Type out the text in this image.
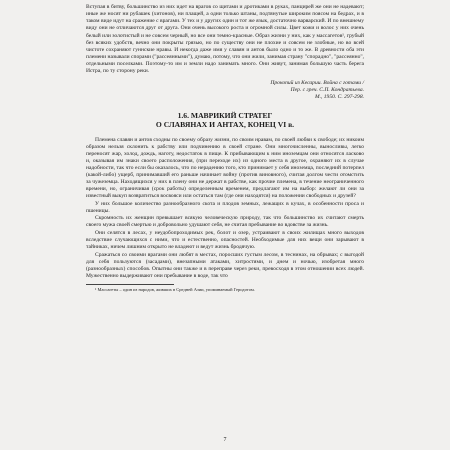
Вступая в битву, большинство из них идет на врагов со щитами и дротиками в руках, панцирей же они не надевают; иные же носят ни рубашек (хитонов), ни плащей, а одни только штаны, подтянутые широким поясом на бедрах, и в таком виде идут на сражение с врагами. У тех и у других один и тот же язык, достаточно варварский. И по внешнему виду они не отличаются друг от друга. Они очень высокого роста и огромной силы. Цвет кожи и волос у них очень белый или золотистый и не совсем черный, но все они темно-красные. Образ жизни у них, как у массагетов¹, грубый без всяких удобств, вечно они покрыты грязью, но по существу они не плохие и совсем не злобные, но во всей чистоте сохраняют гуннские нравы. И некогда даже имя у славян и антов было одно и то же. В древности оба эти племени называли спорами ("рассеянными"), думаю, потому, что они жили, занимая страну "спорадно", "рассеянно", отдельными поселками. Поэтому-то им и земли надо занимать много. Они живут, занимая большую часть берега Истра, по ту сторону реки.

Прокопий из Кесарии. Война с готами /
Пер. с греч. С.П. Кондратьева.
М., 1950. С. 297-298.
1.6. МАВРИКИЙ СТРАТЕГ
О СЛАВЯНАХ И АНТАХ, КОНЕЦ VI в.

Племена славян и антов сходны по своему образу жизни, по своим нравам, по своей любви к свободе; их никоим образом нельзя склонить к рабству или подчинению в своей стране. Они многочисленны, выносливы, легко переносят жар, холод, дождь, наготу, недостаток в пище. К прибывающим к ним иноземцам они относятся ласково и, оказывая им знаки своего расположения, (при переходе их) из одного места в другое, охраняют их в случае надобности, так что если бы оказалось, что по нерадению того, кто принимает у себя иноземца, последний потерпел (какой-либо) ущерб, принимавший его раньше начинает войну (против виновного), считая долгом чести отомстить за чужеземца. Находящихся у них в плену они не держат в рабстве, как прочие племена, в течение неограниченного времени, но, ограничивая (срок работы) определенным временем, предлагают им на выбор: желают ли они за известный выкуп возвратиться восвояси или остаться там (где они находятся) на положении свободных и друзей?

У них большое количество разнообразного скота и плодов земных, лежащих в кучах, в особенности проса и пшеницы.

Скромность их женщин превышает всякую человеческую природу, так что большинство их считают смерть своего мужа своей смертью и добровольно удушают себя, не считая пребывание во вдовстве за жизнь.

Они селятся в лесах, у неудобопроходимых рек, болот и озер, устраивают в своих жилищах много выходов вследствие случающихся с ними, что и естественно, опасностей. Необходимые для них вещи они зарывают в тайниках, ничем лишним открыто не владеют и ведут жизнь бродячую.

Сражаться со своими врагами они любят в местах, поросших густым лесом, в теснинах, на обрывах; с выгодой для себя пользуются (засадами), внезапными атаками, хитростями, и днем и ночью, изобретая много (разнообразных) способов. Опытны они также и в переправе через реки, превосходя в этом отношении всех людей. Мужественно выдерживают они пребывание в воде, так что

¹ Массагеты – один из народов, живших в Средней Азии, упоминаемый Геродотом.

7
